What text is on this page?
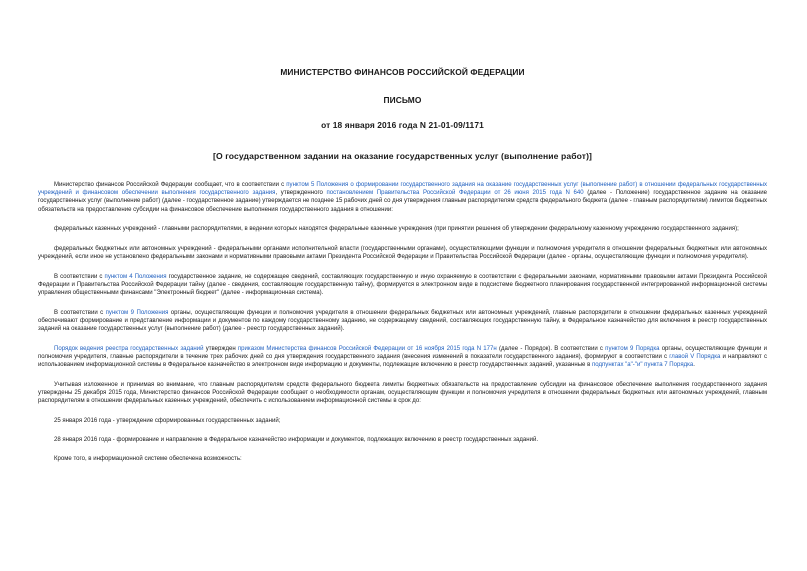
МИНИСТЕРСТВО ФИНАНСОВ РОССИЙСКОЙ ФЕДЕРАЦИИ
ПИСЬМО
от 18 января 2016 года N 21-01-09/1171
[О государственном задании на оказание государственных услуг (выполнение работ)]

Министерство финансов Российской Федерации сообщает, что в соответствии с пунктом 5 Положения о формировании государственного задания на оказание государственных услуг (выполнение работ) в отношении федеральных государственных учреждений и финансовом обеспечении выполнения государственного задания, утвержденного постановлением Правительства Российской Федерации от 26 июня 2015 года N 640 (далее - Положение) государственное задание на оказание государственных услуг (выполнение работ) (далее - государственное задание) утверждается не позднее 15 рабочих дней со дня утверждения главным распорядителям средств федерального бюджета (далее - главным распорядителям) лимитов бюджетных обязательств на предоставление субсидии на финансовое обеспечение выполнения государственного задания в отношении:

федеральных казенных учреждений - главными распорядителями, в ведении которых находятся федеральные казенные учреждения (при принятии решения об утверждении федеральному казенному учреждению государственного задания);

федеральных бюджетных или автономных учреждений - федеральными органами исполнительной власти (государственными органами), осуществляющими функции и полномочия учредителя в отношении федеральных бюджетных или автономных учреждений, если иное не установлено федеральными законами и нормативными правовыми актами Президента Российской Федерации и Правительства Российской Федерации (далее - органы, осуществляющие функции и полномочия учредителя).

В соответствии с пунктом 4 Положения государственное задание, не содержащее сведений, составляющих государственную и иную охраняемую в соответствии с федеральными законами, нормативными правовыми актами Президента Российской Федерации и Правительства Российской Федерации тайну (далее - сведения, составляющие государственную тайну), формируется в электронном виде в подсистеме бюджетного планирования государственной интегрированной информационной системы управления общественными финансами "Электронный бюджет" (далее - информационная система).

В соответствии с пунктом 9 Положения органы, осуществляющие функции и полномочия учредителя в отношении федеральных бюджетных или автономных учреждений, главные распорядители в отношении федеральных казенных учреждений обеспечивают формирование и представление информации и документов по каждому государственному заданию, не содержащему сведений, составляющих государственную тайну, в Федеральное казначейство для включения в реестр государственных заданий на оказание государственных услуг (выполнение работ) (далее - реестр государственных заданий).

Порядок ведения реестра государственных заданий утвержден приказом Министерства финансов Российской Федерации от 16 ноября 2015 года N 177н (далее - Порядок). В соответствии с пунктом 9 Порядка органы, осуществляющие функции и полномочия учредителя, главные распорядители в течение трех рабочих дней со дня утверждения государственного задания (внесения изменений в показатели государственного задания), формируют в соответствии с главой V Порядка и направляют с использованием информационной системы в Федеральное казначейство в электронном виде информацию и документы, подлежащие включению в реестр государственных заданий, указанные в подпунктах "а"-"и" пункта 7 Порядка.

Учитывая изложенное и принимая во внимание, что главным распорядителям средств федерального бюджета лимиты бюджетных обязательств на предоставление субсидии на финансовое обеспечение выполнения государственного задания утверждены 25 декабря 2015 года, Министерство финансов Российской Федерации сообщает о необходимости органам, осуществляющим функции и полномочия учредителя в отношении федеральных бюджетных или автономных учреждений, главным распорядителям в отношении федеральных казенных учреждений, обеспечить с использованием информационной системы в срок до:

25 января 2016 года - утверждение сформированных государственных заданий;

28 января 2016 года - формирование и направление в Федеральное казначейство информации и документов, подлежащих включению в реестр государственных заданий.

Кроме того, в информационной системе обеспечена возможность:
